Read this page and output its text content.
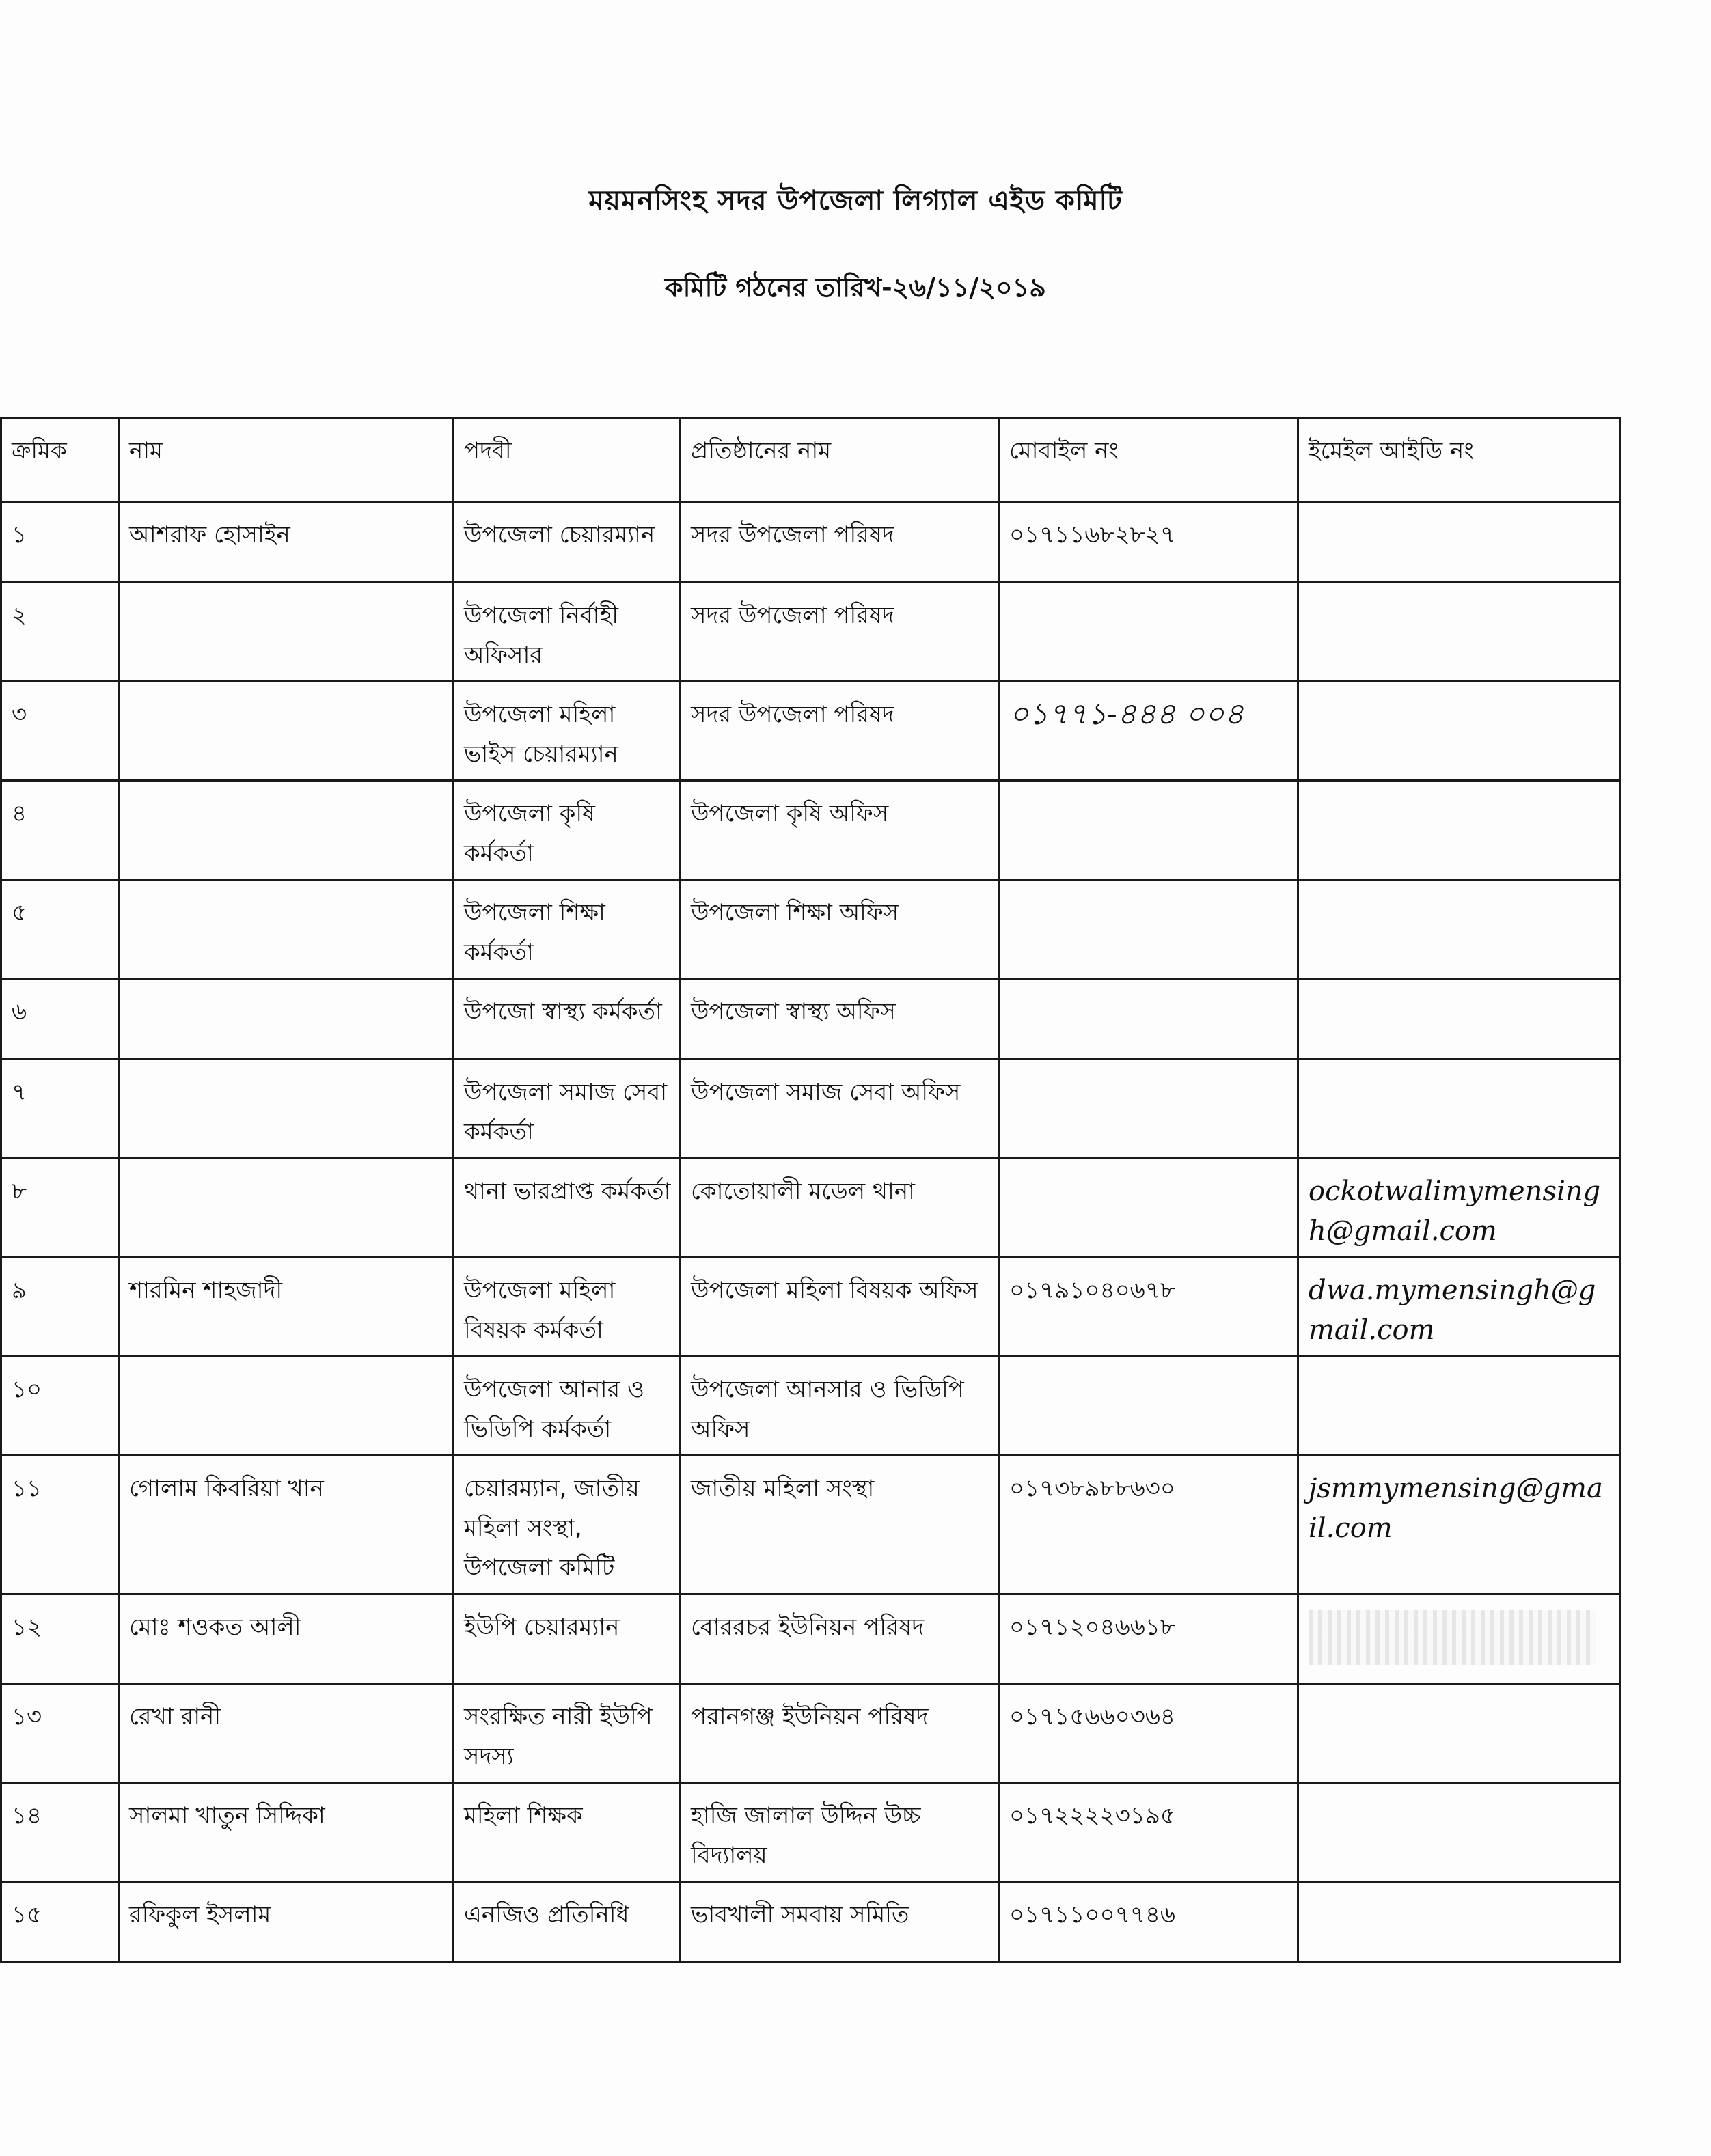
ময়মনসিংহ সদর উপজেলা লিগ্যাল এইড কমিটি
কমিটি গঠনের তারিখ-২৬/১১/২০১৯
ক্রমিক	নাম	পদবী	প্রতিষ্ঠানের নাম	মোবাইল নং	ইমেইল আইডি নং
১	আশরাফ হোসাইন	উপজেলা চেয়ারম্যান	সদর উপজেলা পরিষদ	০১৭১১৬৮২৮২৭	
২		উপজেলা নির্বাহী অফিসার	সদর উপজেলা পরিষদ		
৩		উপজেলা মহিলা ভাইস চেয়ারম্যান	সদর উপজেলা পরিষদ	০১৭৭১-৪৪৪ ০০৪	
৪		উপজেলা কৃষি কর্মকর্তা	উপজেলা কৃষি অফিস		
৫		উপজেলা শিক্ষা কর্মকর্তা	উপজেলা শিক্ষা অফিস		
৬		উপজো স্বাস্থ্য কর্মকর্তা	উপজেলা স্বাস্থ্য অফিস		
৭		উপজেলা সমাজ সেবা কর্মকর্তা	উপজেলা সমাজ সেবা অফিস		
৮		থানা ভারপ্রাপ্ত কর্মকর্তা	কোতোয়ালী মডেল থানা		ockotwalimymensingh@gmail.com
৯	শারমিন শাহজাদী	উপজেলা মহিলা বিষয়ক কর্মকর্তা	উপজেলা মহিলা বিষয়ক অফিস	০১৭৯১০৪০৬৭৮	dwa.mymensingh@gmail.com
১০		উপজেলা আনার ও ভিডিপি কর্মকর্তা	উপজেলা আনসার ও ভিডিপি অফিস		
১১	গোলাম কিবরিয়া খান	চেয়ারম্যান, জাতীয় মহিলা সংস্থা, উপজেলা কমিটি	জাতীয় মহিলা সংস্থা	০১৭৩৮৯৮৮৬৩০	jsmmymensing@gmail.com
১২	মোঃ শওকত আলী	ইউপি চেয়ারম্যান	বোররচর ইউনিয়ন পরিষদ	০১৭১২০৪৬৬১৮	
১৩	রেখা রানী	সংরক্ষিত নারী ইউপি সদস্য	পরানগঞ্জ ইউনিয়ন পরিষদ	০১৭১৫৬৬০৩৬৪	
১৪	সালমা খাতুন সিদ্দিকা	মহিলা শিক্ষক	হাজি জালাল উদ্দিন উচ্চ বিদ্যালয়	০১৭২২২২৩১৯৫	
১৫	রফিকুল ইসলাম	এনজিও প্রতিনিধি	ভাবখালী সমবায় সমিতি	০১৭১১০০৭৭৪৬	
